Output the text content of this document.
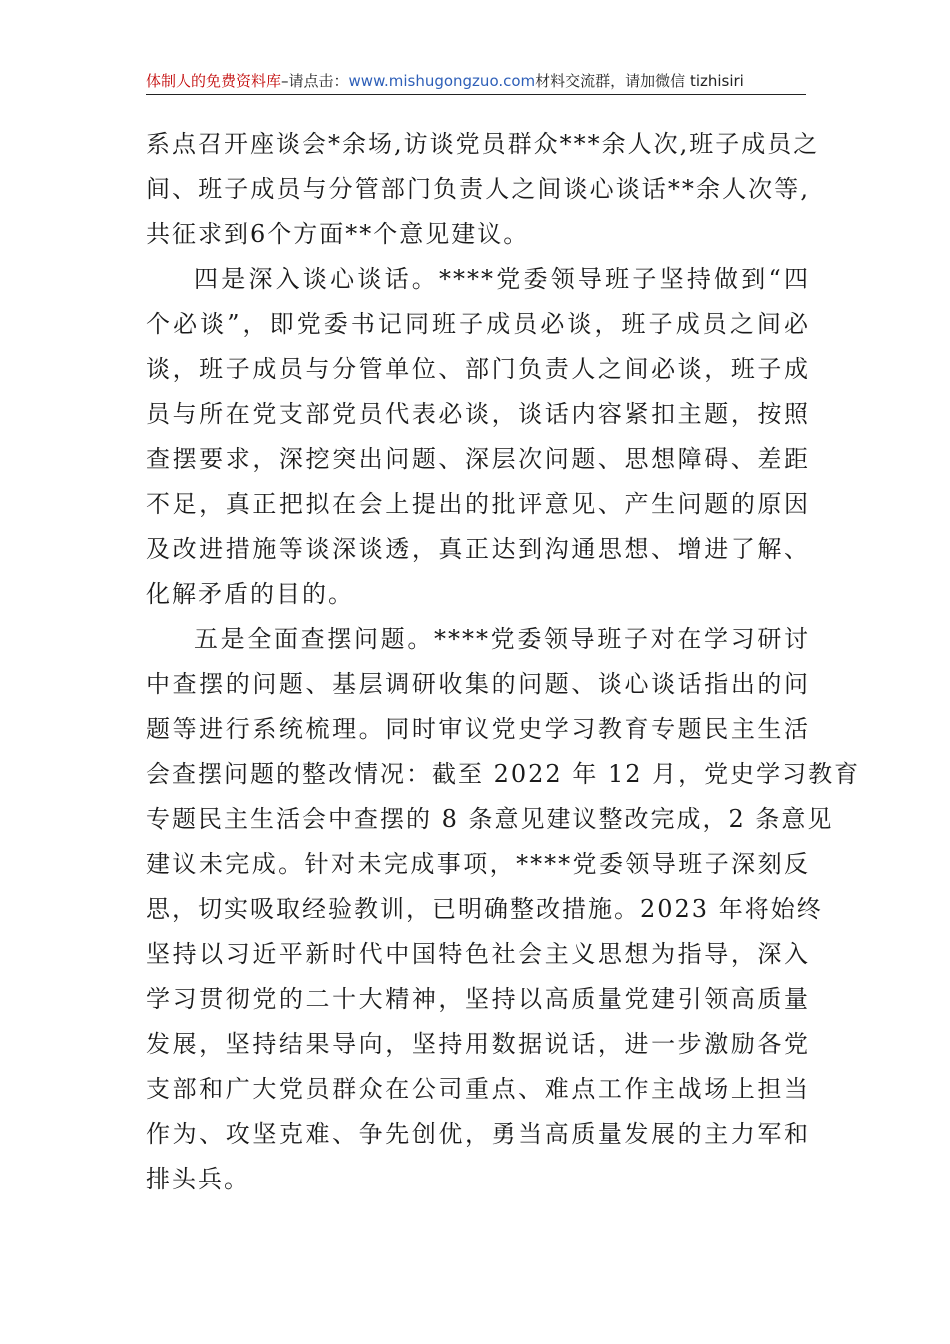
体制人的免费资料库–请点击：www.mishugongzuo.com材料交流群，请加微信 tizhisiri
系点召开座谈会*余场,访谈党员群众***余人次,班子成员之
间、班子成员与分管部门负责人之间谈心谈话**余人次等,
共征求到6个方面**个意见建议。
四是深入谈心谈话。****党委领导班子坚持做到“四
个必谈”，即党委书记同班子成员必谈，班子成员之间必
谈，班子成员与分管单位、部门负责人之间必谈，班子成
员与所在党支部党员代表必谈，谈话内容紧扣主题，按照
查摆要求，深挖突出问题、深层次问题、思想障碍、差距
不足，真正把拟在会上提出的批评意见、产生问题的原因
及改进措施等谈深谈透，真正达到沟通思想、增进了解、
化解矛盾的目的。
五是全面查摆问题。****党委领导班子对在学习研讨
中查摆的问题、基层调研收集的问题、谈心谈话指出的问
题等进行系统梳理。同时审议党史学习教育专题民主生活
会查摆问题的整改情况：截至 2022 年 12 月，党史学习教育
专题民主生活会中查摆的 8 条意见建议整改完成，2 条意见
建议未完成。针对未完成事项，****党委领导班子深刻反
思，切实吸取经验教训，已明确整改措施。2023 年将始终
坚持以习近平新时代中国特色社会主义思想为指导，深入
学习贯彻党的二十大精神，坚持以高质量党建引领高质量
发展，坚持结果导向，坚持用数据说话，进一步激励各党
支部和广大党员群众在公司重点、难点工作主战场上担当
作为、攻坚克难、争先创优，勇当高质量发展的主力军和
排头兵。
